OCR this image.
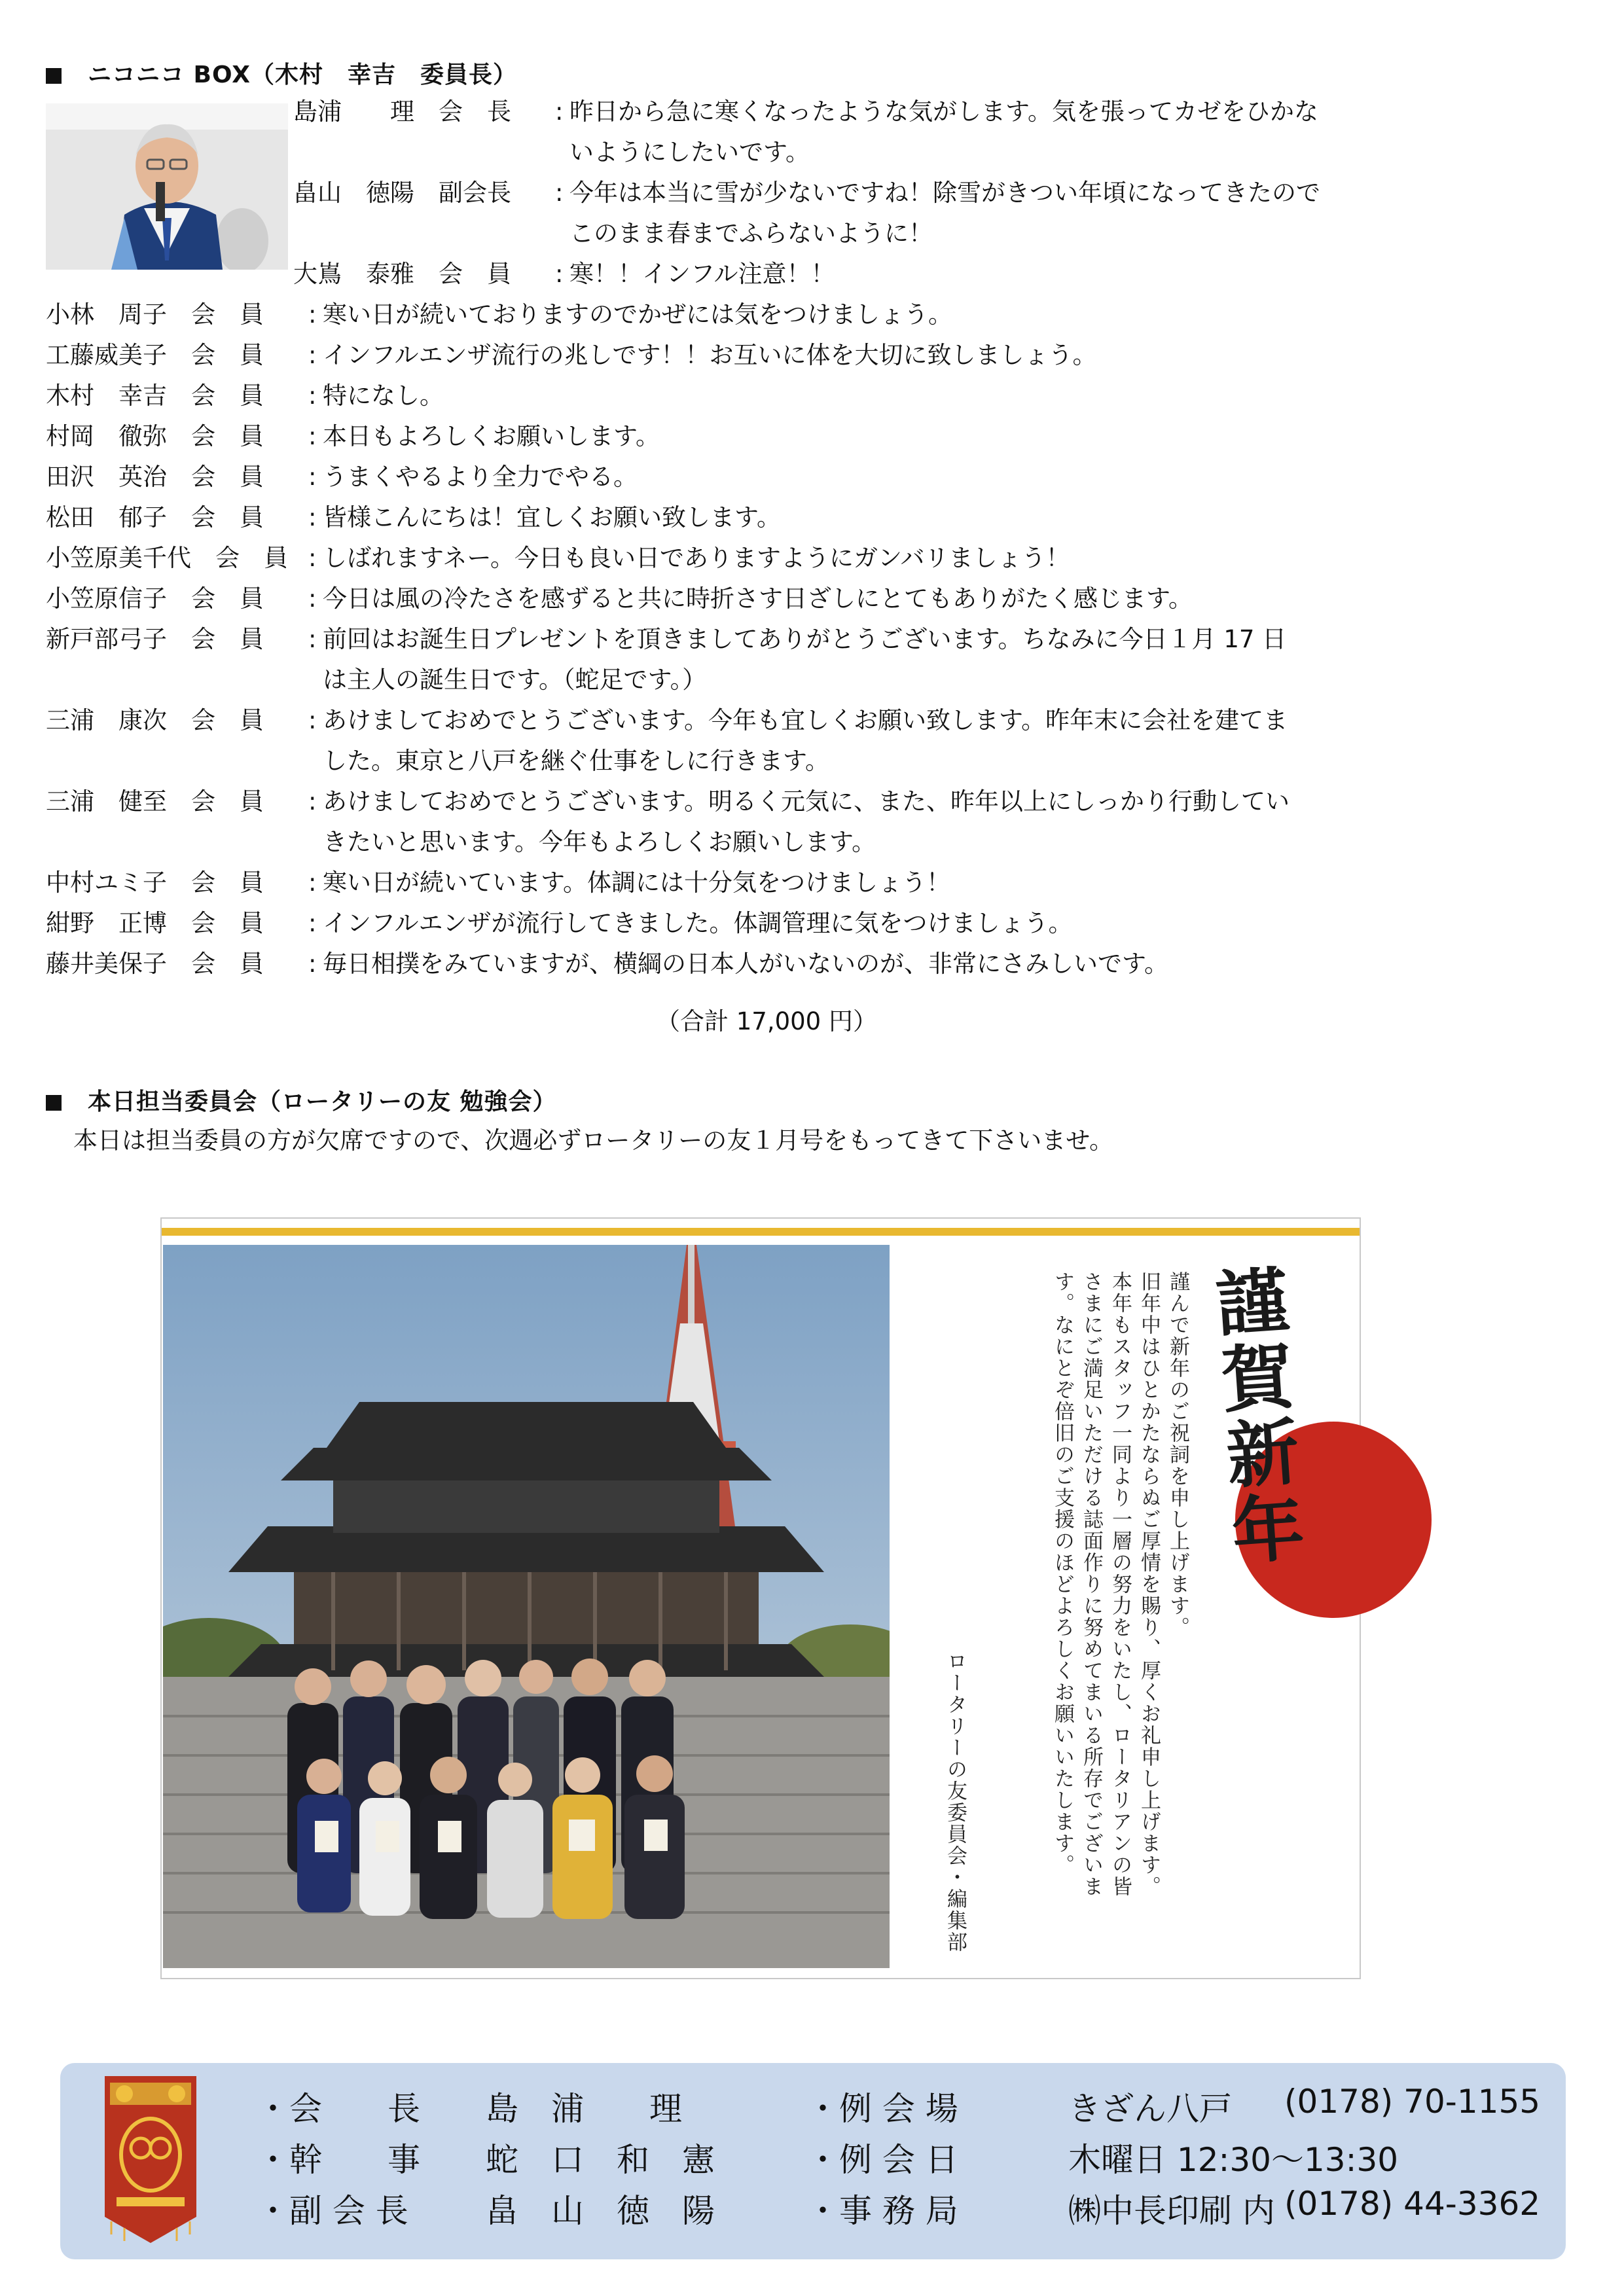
ニコニコ BOX（木村　幸吉　委員長）
島浦　　理　会　長 : 昨日から急に寒くなったような気がします。気を張ってカゼをひかな
いようにしたいです。
畠山　徳陽　副会長 : 今年は本当に雪が少ないですね！除雪がきつい年頃になってきたので
このまま春までふらないように！
大嶌　泰雅　会　員 : 寒！！インフル注意！！
小林　周子　会　員 : 寒い日が続いておりますのでかぜには気をつけましょう。
工藤威美子　会　員 : インフルエンザ流行の兆しです！！お互いに体を大切に致しましょう。
木村　幸吉　会　員 : 特になし。
村岡　徹弥　会　員 : 本日もよろしくお願いします。
田沢　英治　会　員 : うまくやるより全力でやる。
松田　郁子　会　員 : 皆様こんにちは！宜しくお願い致します。
小笠原美千代　会　員 : しばれますネー。今日も良い日でありますようにガンバリましょう！
小笠原信子　会　員 : 今日は風の冷たさを感ずると共に時折さす日ざしにとてもありがたく感じます。
新戸部弓子　会　員 : 前回はお誕生日プレゼントを頂きましてありがとうございます。ちなみに今日１月 17 日
は主人の誕生日です。（蛇足です。）
三浦　康次　会　員 : あけましておめでとうございます。今年も宜しくお願い致します。昨年末に会社を建てま
した。東京と八戸を継ぐ仕事をしに行きます。
三浦　健至　会　員 : あけましておめでとうございます。明るく元気に、また、昨年以上にしっかり行動してい
きたいと思います。今年もよろしくお願いします。
中村ユミ子　会　員 : 寒い日が続いています。体調には十分気をつけましょう！
紺野　正博　会　員 : インフルエンザが流行してきました。体調管理に気をつけましょう。
藤井美保子　会　員 : 毎日相撲をみていますが、横綱の日本人がいないのが、非常にさみしいです。
（合計 17,000 円）
本日担当委員会（ロータリーの友 勉強会）
本日は担当委員の方が欠席ですので、次週必ずロータリーの友１月号をもってきて下さいませ。
謹賀新年
謹んで新年のご祝詞を申し上げます。
旧年中はひとかたならぬご厚情を賜り、厚くお礼申し上げます。
本年もスタッフ一同より一層の努力をいたし、ロータリアンの皆
さまにご満足いただける誌面作りに努めてまいる所存でございま
す。なにとぞ倍旧のご支援のほどよろしくお願いいたします。
ロータリーの友委員会・編集部
・会　　長 島　浦　　理	・例 会 場	きざん八戸 (0178) 70-1155
・幹　　事 蛇　口　和　憲	・例 会 日	木曜日 12:30〜13:30
・副 会 長 畠　山　徳　陽	・事 務 局	㈱中長印刷 内 (0178) 44-3362
